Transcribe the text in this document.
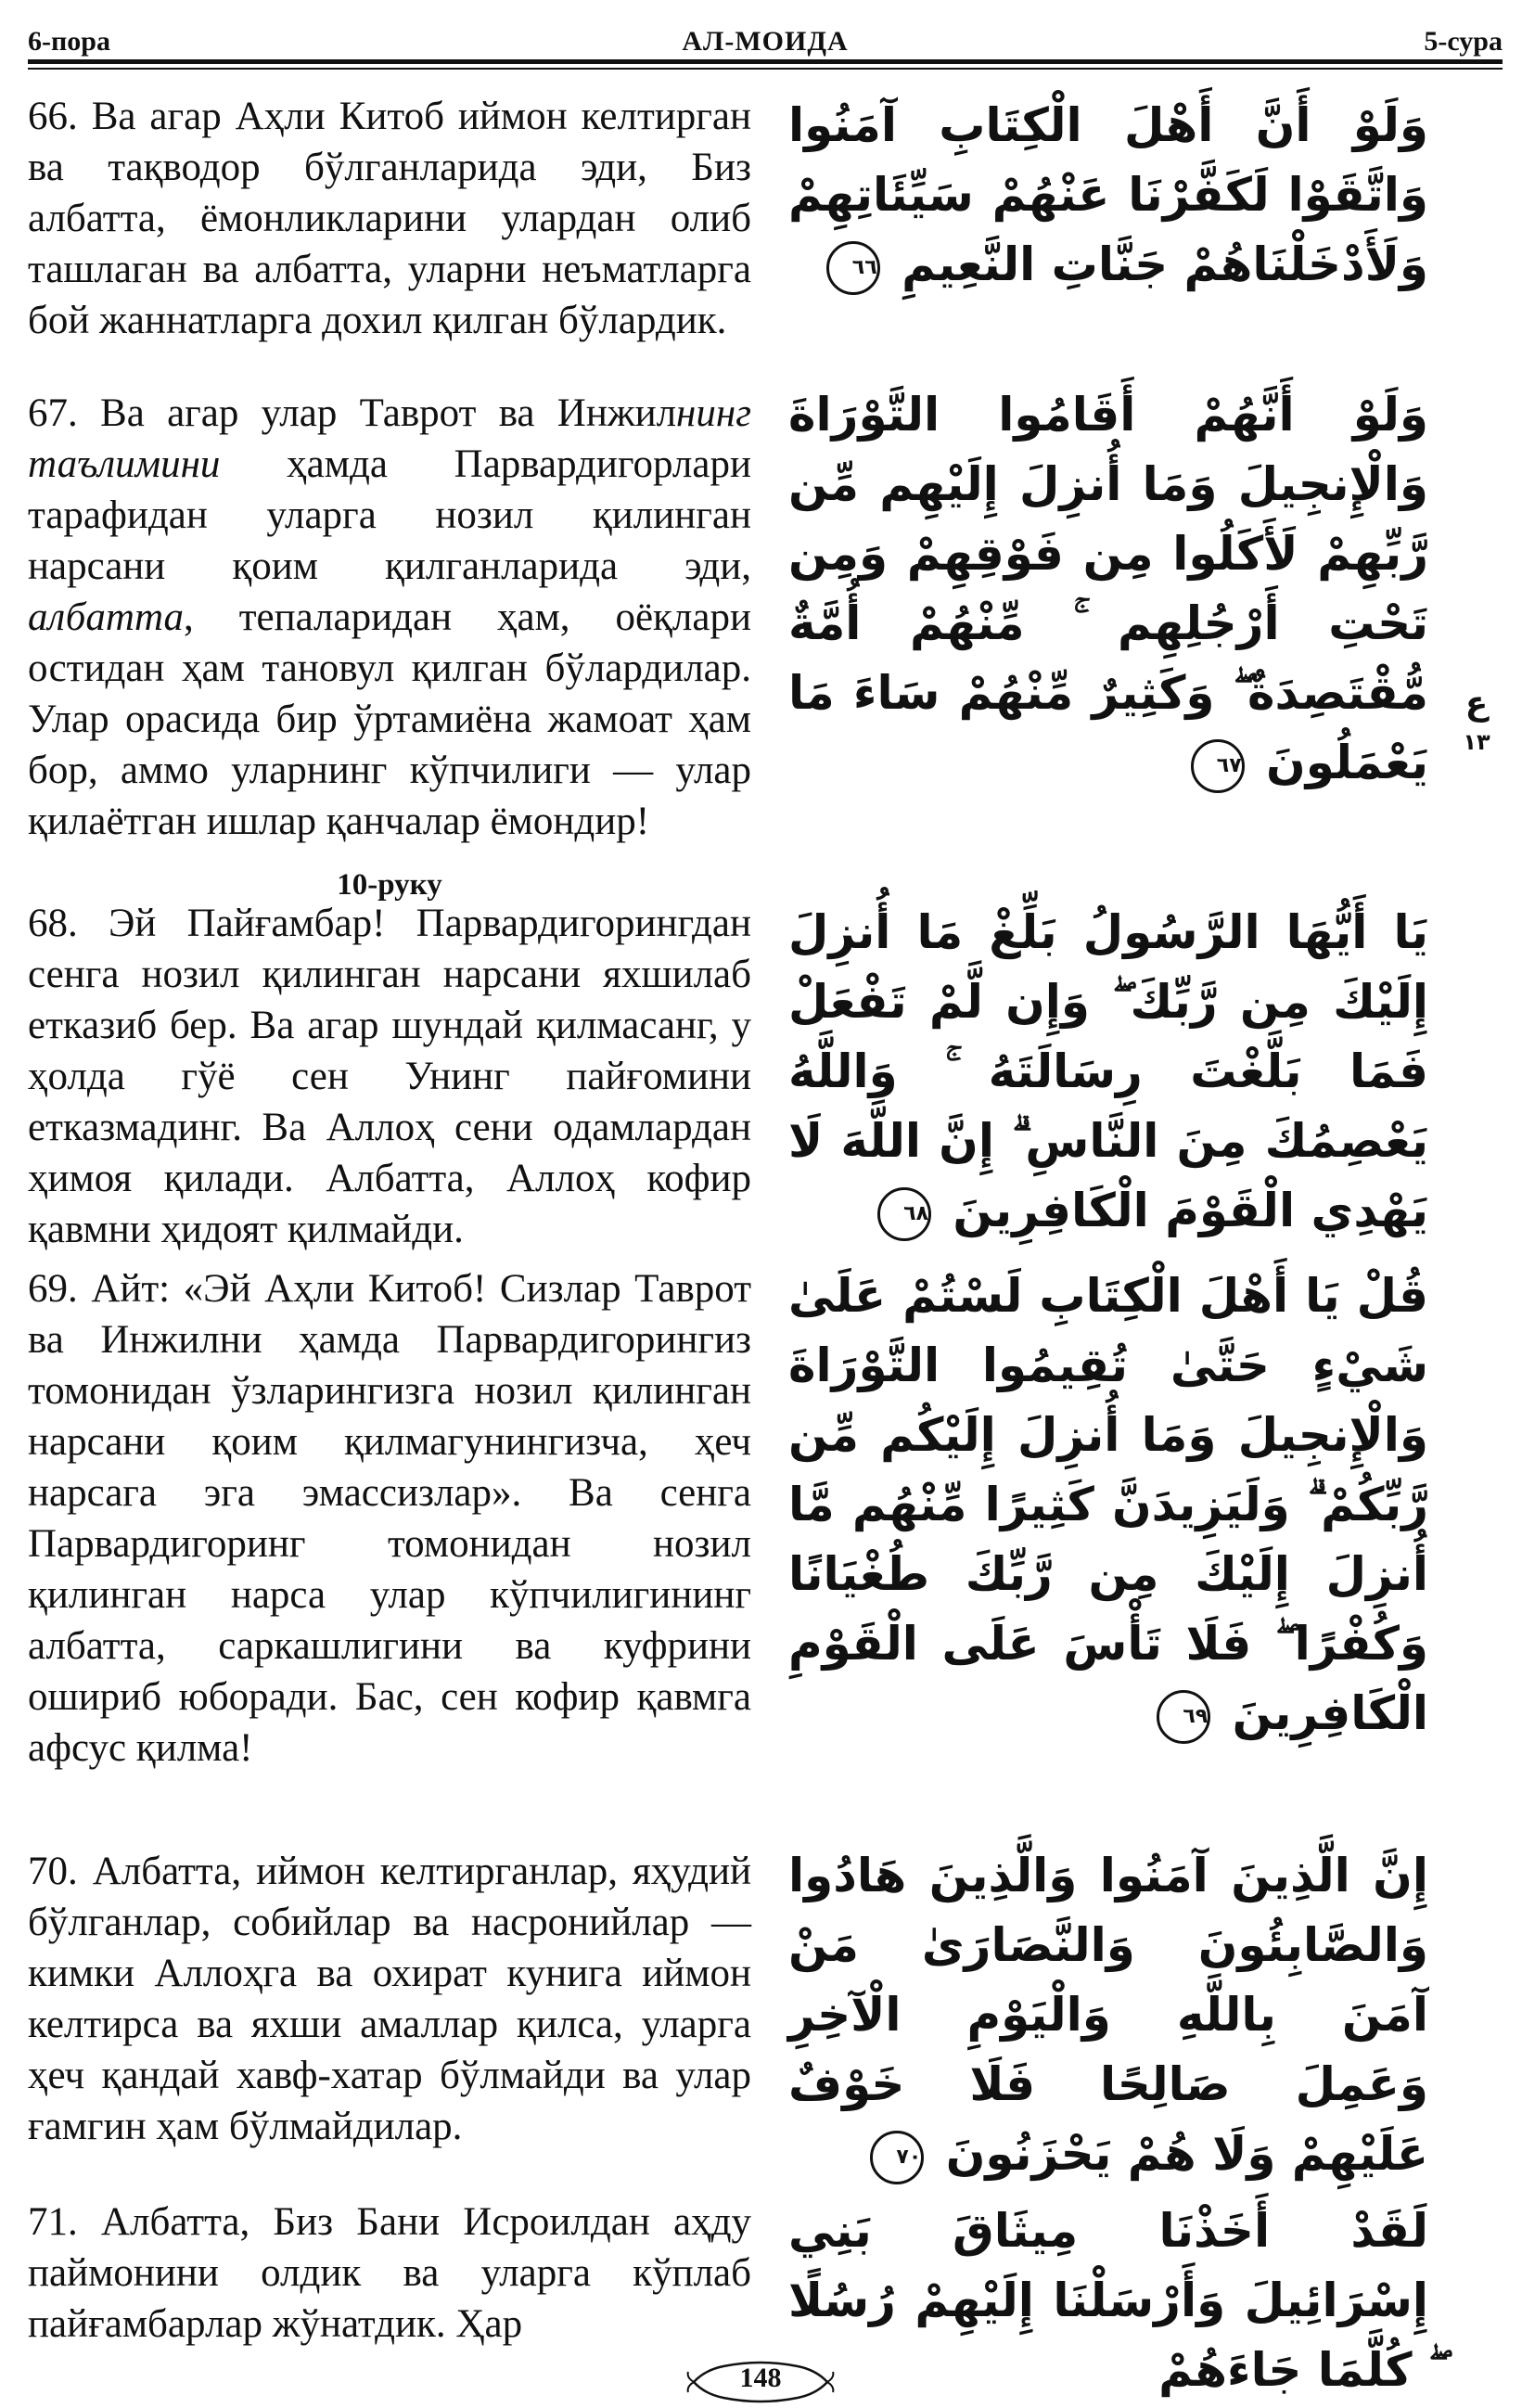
6-пора	АЛ-МОИДА	5-сура

66. Ва агар Аҳли Китоб иймон келтирган ва тақводор бўлганларида эди, Биз албатта, ёмонликларини улардан олиб ташлаган ва албатта, уларни неъматларга бой жаннатларга дохил қилган бўлардик.

وَلَوْ أَنَّ أَهْلَ الْكِتَابِ آمَنُوا وَاتَّقَوْا لَكَفَّرْنَا عَنْهُمْ سَيِّئَاتِهِمْ وَلَأَدْخَلْنَاهُمْ جَنَّاتِ النَّعِيمِ ٦٦

67. Ва агар улар Таврот ва Инжилнинг таълимини ҳамда Парвардигорлари тарафидан уларга нозил қилинган нарсани қоим қилганларида эди, албатта, тепаларидан ҳам, оёқлари остидан ҳам тановул қилган бўлардилар. Улар орасида бир ўртамиёна жамоат ҳам бор, аммо уларнинг кўпчилиги — улар қилаётган ишлар қанчалар ёмондир!

وَلَوْ أَنَّهُمْ أَقَامُوا التَّوْرَاةَ وَالْإِنجِيلَ وَمَا أُنزِلَ إِلَيْهِم مِّن رَّبِّهِمْ لَأَكَلُوا مِن فَوْقِهِمْ وَمِن تَحْتِ أَرْجُلِهِم ۚ مِّنْهُمْ أُمَّةٌ مُّقْتَصِدَةٌ ۖ وَكَثِيرٌ مِّنْهُمْ سَاءَ مَا يَعْمَلُونَ ٦٧
ع
١٣
10-руку

68. Эй Пайғамбар! Парвардигорингдан сенга нозил қилинган нарсани яхшилаб етказиб бер. Ва агар шундай қилмасанг, у ҳолда гўё сен Унинг пайғомини етказмадинг. Ва Аллоҳ сени одамлардан ҳимоя қилади. Албатта, Аллоҳ кофир қавмни ҳидоят қилмайди.

يَا أَيُّهَا الرَّسُولُ بَلِّغْ مَا أُنزِلَ إِلَيْكَ مِن رَّبِّكَ ۖ وَإِن لَّمْ تَفْعَلْ فَمَا بَلَّغْتَ رِسَالَتَهُ ۚ وَاللَّهُ يَعْصِمُكَ مِنَ النَّاسِ ۗ إِنَّ اللَّهَ لَا يَهْدِي الْقَوْمَ الْكَافِرِينَ ٦٨

69. Айт: «Эй Аҳли Китоб! Сизлар Таврот ва Инжилни ҳамда Парвардигорингиз томонидан ўзларингизга нозил қилинган нарсани қоим қилмагунингизча, ҳеч нарсага эга эмассизлар». Ва сенга Парвардигоринг томонидан нозил қилинган нарса улар кўпчилигининг албатта, саркашлигини ва куфрини ошириб юборади. Бас, сен кофир қавмга афсус қилма!

قُلْ يَا أَهْلَ الْكِتَابِ لَسْتُمْ عَلَىٰ شَيْءٍ حَتَّىٰ تُقِيمُوا التَّوْرَاةَ وَالْإِنجِيلَ وَمَا أُنزِلَ إِلَيْكُم مِّن رَّبِّكُمْ ۗ وَلَيَزِيدَنَّ كَثِيرًا مِّنْهُم مَّا أُنزِلَ إِلَيْكَ مِن رَّبِّكَ طُغْيَانًا وَكُفْرًا ۖ فَلَا تَأْسَ عَلَى الْقَوْمِ الْكَافِرِينَ ٦٩

70. Албатта, иймон келтирганлар, яҳудий бўлганлар, собийлар ва насронийлар — кимки Аллоҳга ва охират кунига иймон келтирса ва яхши амаллар қилса, уларга ҳеч қандай хавф-хатар бўлмайди ва улар ғамгин ҳам бўлмайдилар.

إِنَّ الَّذِينَ آمَنُوا وَالَّذِينَ هَادُوا وَالصَّابِئُونَ وَالنَّصَارَىٰ مَنْ آمَنَ بِاللَّهِ وَالْيَوْمِ الْآخِرِ وَعَمِلَ صَالِحًا فَلَا خَوْفٌ عَلَيْهِمْ وَلَا هُمْ يَحْزَنُونَ ٧٠

71. Албатта, Биз Бани Исроилдан аҳду паймонини олдик ва уларга кўплаб пайғамбарлар жўнатдик. Ҳар

لَقَدْ أَخَذْنَا مِيثَاقَ بَنِي إِسْرَائِيلَ وَأَرْسَلْنَا إِلَيْهِمْ رُسُلًا ۖ كُلَّمَا جَاءَهُمْ
148
